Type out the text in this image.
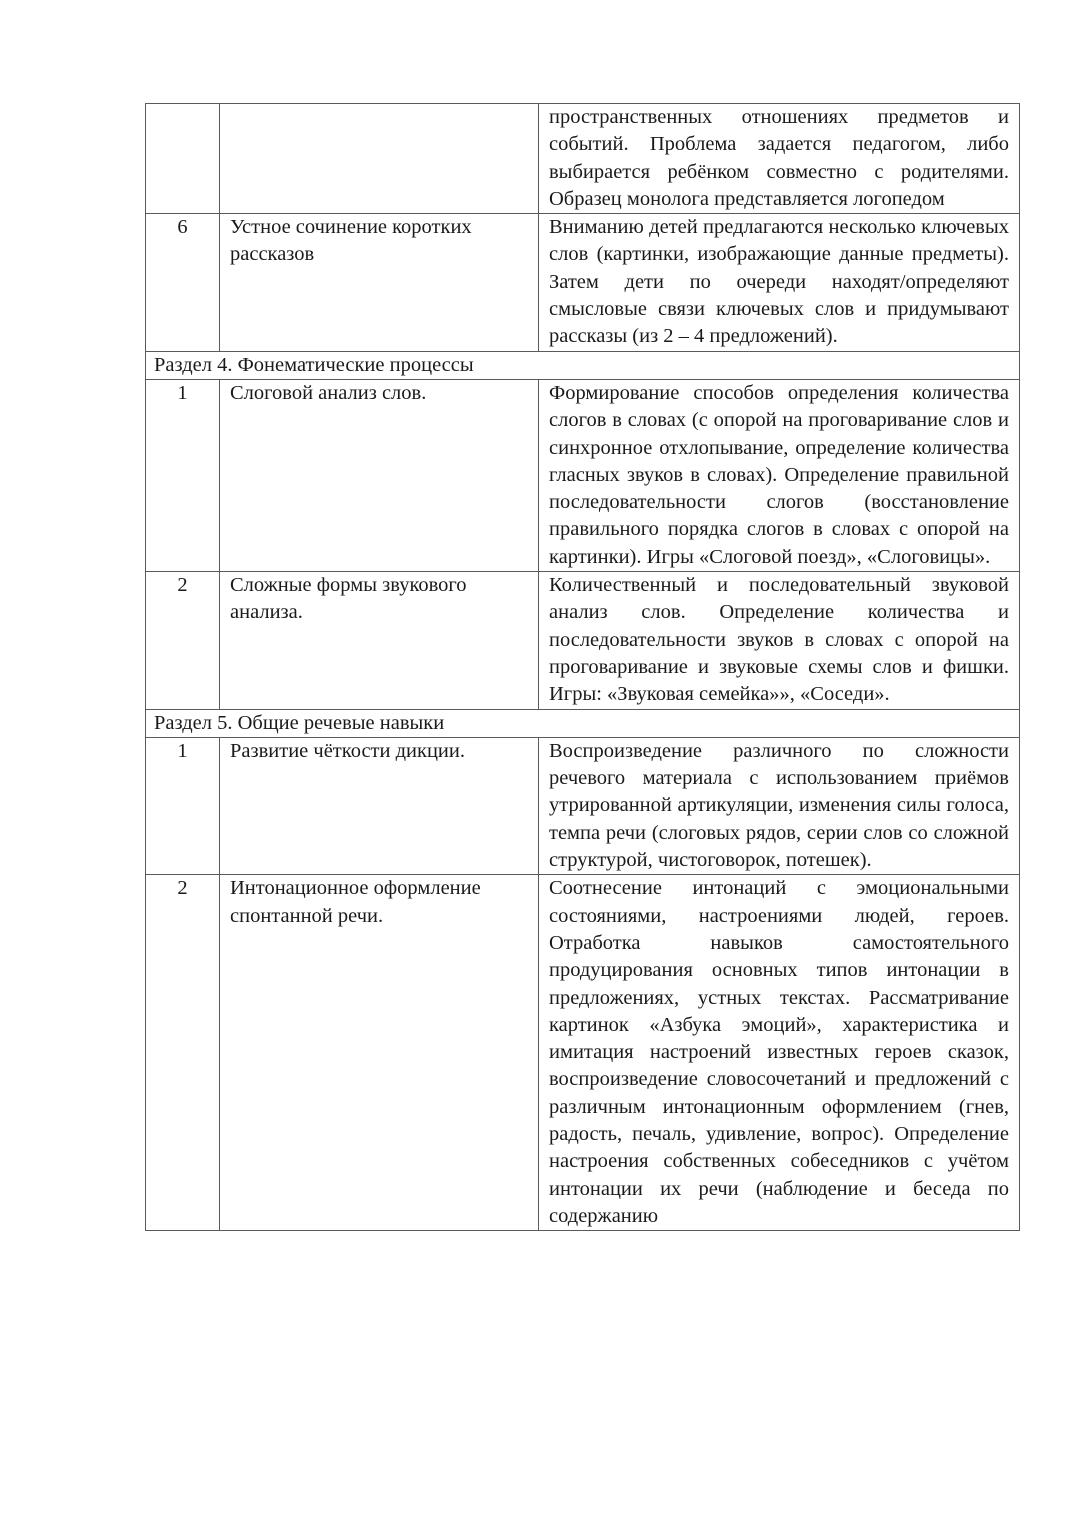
		пространственных отношениях предметов и событий. Проблема задается педагогом, либо выбирается ребёнком совместно с родителями. Образец монолога представляется логопедом
6	Устное сочинение коротких рассказов	Вниманию детей предлагаются несколько ключевых слов (картинки, изображающие данные предметы). Затем дети по очереди находят/определяют смысловые связи ключевых слов и придумывают рассказы (из 2 – 4 предложений).
Раздел 4. Фонематические процессы		
1	Слоговой анализ слов.	Формирование способов определения количества слогов в словах (с опорой на проговаривание слов и синхронное отхлопывание, определение количества гласных звуков в словах). Определение правильной последовательности слогов (восстановление правильного порядка слогов в словах с опорой на картинки). Игры «Слоговой поезд», «Слоговицы».
2	Сложные формы звукового анализа.	Количественный и последовательный звуковой анализ слов. Определение количества и последовательности звуков в словах с опорой на проговаривание и звуковые схемы слов и фишки. Игры: «Звуковая семейка»», «Соседи».
Раздел 5. Общие речевые навыки		
1	Развитие чёткости дикции.	Воспроизведение различного по сложности речевого материала с использованием приёмов утрированной артикуляции, изменения силы голоса, темпа речи (слоговых рядов, серии слов со сложной структурой, чистоговорок, потешек).
2	Интонационное оформление спонтанной речи.	Соотнесение интонаций с эмоциональными состояниями, настроениями людей, героев. Отработка навыков самостоятельного продуцирования основных типов интонации в предложениях, устных текстах. Рассматривание картинок «Азбука эмоций», характеристика и имитация настроений известных героев сказок, воспроизведение словосочетаний и предложений с различным интонационным оформлением (гнев, радость, печаль, удивление, вопрос). Определение настроения собственных собеседников с учётом интонации их речи (наблюдение и беседа по содержанию
